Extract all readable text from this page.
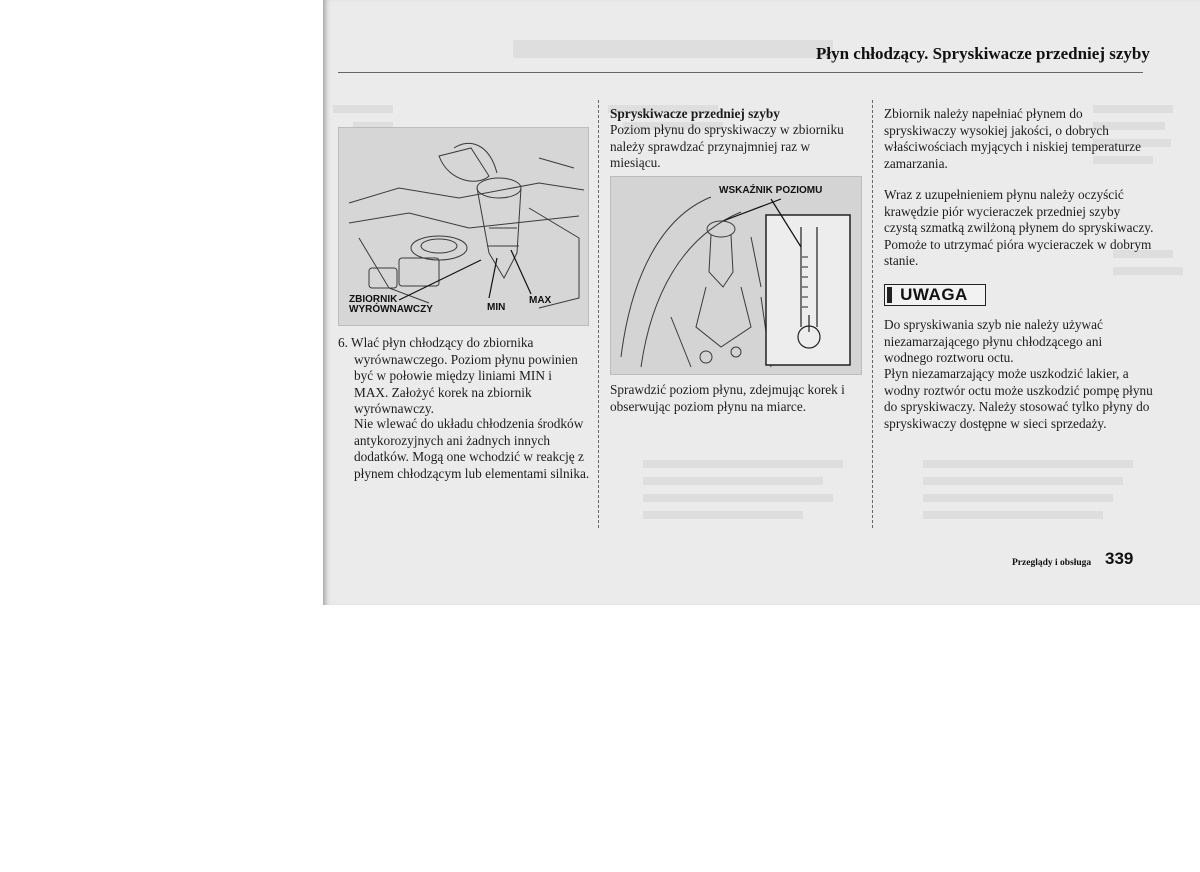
Płyn chłodzący. Spryskiwacze przedniej szyby
ZBIORNIK
WYRÓWNAWCZY	MIN
MAX

6. Wlać płyn chłodzący do zbiornika wyrównawczego. Poziom płynu powinien być w połowie między liniami MIN i MAX. Założyć korek na zbiornik wyrównawczy.

Nie wlewać do układu chłodzenia środków antykorozyjnych ani żadnych innych dodatków. Mogą one wchodzić w reakcję z płynem chłodzącym lub elementami silnika.

Spryskiwacze przedniej szyby

Poziom płynu do spryskiwaczy w zbiorniku należy sprawdzać przynajmniej raz w miesiącu.

WSKAŹNIK POZIOMU

Sprawdzić poziom płynu, zdejmując korek i obserwując poziom płynu na miarce.

Zbiornik należy napełniać płynem do spryskiwaczy wysokiej jakości, o dobrych właściwościach myjących i niskiej temperaturze zamarzania.

Wraz z uzupełnieniem płynu należy oczyścić krawędzie piór wycieraczek przedniej szyby czystą szmatką zwilżoną płynem do spryskiwaczy. Pomoże to utrzymać pióra wycieraczek w dobrym stanie.

UWAGA

Do spryskiwania szyb nie należy używać niezamarzającego płynu chłodzącego ani wodnego roztworu octu.

Płyn niezamarzający może uszkodzić lakier, a wodny roztwór octu może uszkodzić pompę płynu do spryskiwaczy. Należy stosować tylko płyny do spryskiwaczy dostępne w sieci sprzedaży.

Przeglądy i obsługa 339
